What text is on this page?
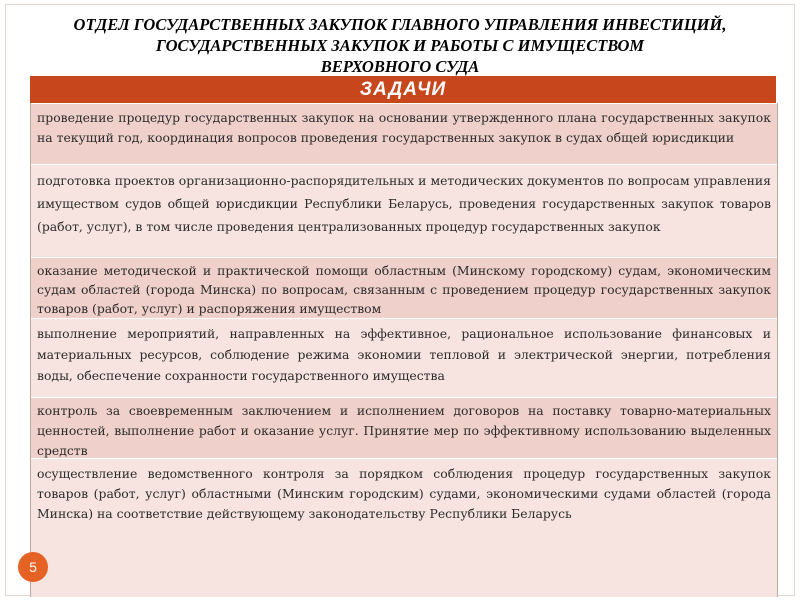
ОТДЕЛ ГОСУДАРСТВЕННЫХ ЗАКУПОК ГЛАВНОГО УПРАВЛЕНИЯ ИНВЕСТИЦИЙ,
ГОСУДАРСТВЕННЫХ ЗАКУПОК И РАБОТЫ С ИМУЩЕСТВОМ
ВЕРХОВНОГО СУДА
ЗАДАЧИ

проведение процедур государственных закупок на основании утвержденного плана государственных закупок на текущий год, координация вопросов проведения государственных закупок в судах общей юрисдикции

подготовка проектов организационно-распорядительных и методических документов по вопросам управления имуществом судов общей юрисдикции Республики Беларусь, проведения государственных закупок товаров (работ, услуг), в том числе проведения централизованных процедур государственных закупок

оказание методической и практической помощи областным (Минскому городскому) судам, экономическим судам областей (города Минска) по вопросам, связанным с проведением процедур государственных закупок товаров (работ, услуг) и распоряжения имуществом

выполнение мероприятий, направленных на эффективное, рациональное использование финансовых и материальных ресурсов, соблюдение режима экономии тепловой и электрической энергии, потребления воды, обеспечение сохранности государственного имущества

контроль за своевременным заключением и исполнением договоров на поставку товарно-материальных ценностей, выполнение работ и оказание услуг. Принятие мер по эффективному использованию выделенных средств

осуществление ведомственного контроля за порядком соблюдения процедур государственных закупок товаров (работ, услуг) областными (Минским городским) судами, экономическими судами областей (города Минска) на соответствие действующему законодательству Республики Беларусь

5
